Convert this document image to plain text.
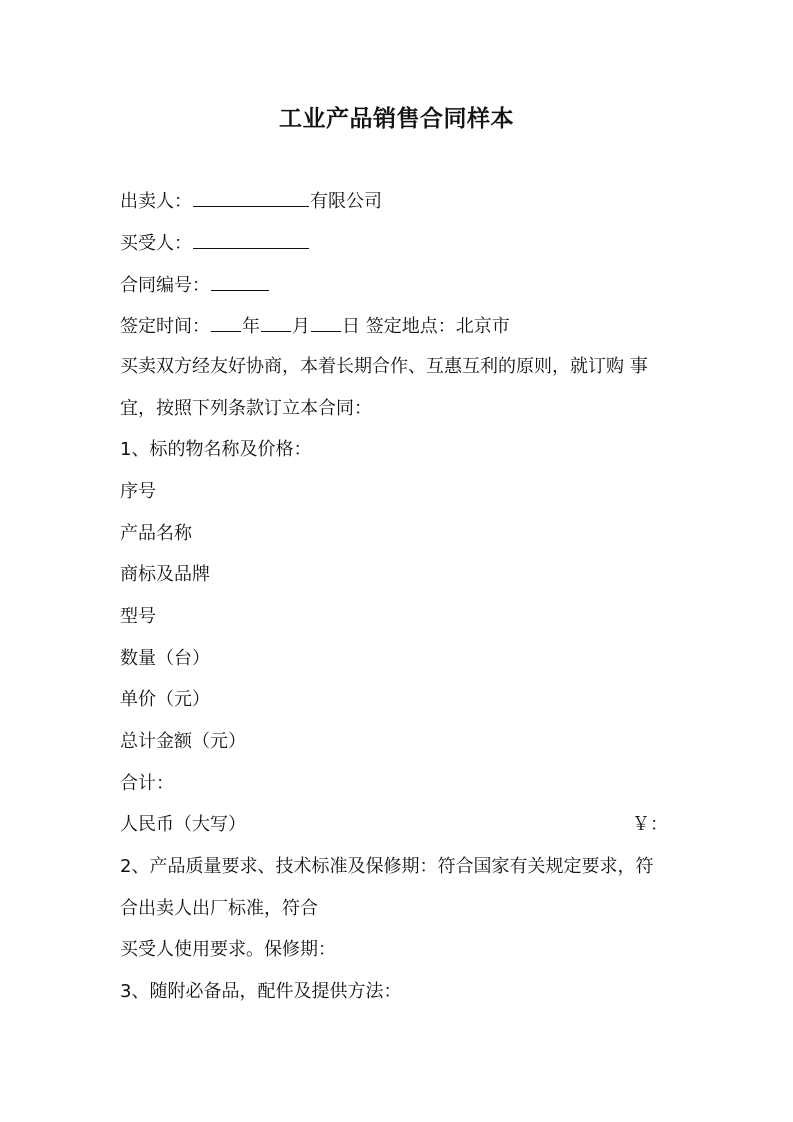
工业产品销售合同样本
出卖人：	有限公司
买受人：
合同编号：
签定时间： 年 月 日 签定地点：北京市
买卖双方经友好协商，本着长期合作、互惠互利的原则，就订购 事
宜，按照下列条款订立本合同：
1、标的物名称及价格：
序号
产品名称
商标及品牌
型号
数量（台）
单价（元）
总计金额（元）
合计：
人民币（大写）	￥：
2、产品质量要求、技术标准及保修期：符合国家有关规定要求，符
合出卖人出厂标准，符合
买受人使用要求。保修期：
3、随附必备品，配件及提供方法：
